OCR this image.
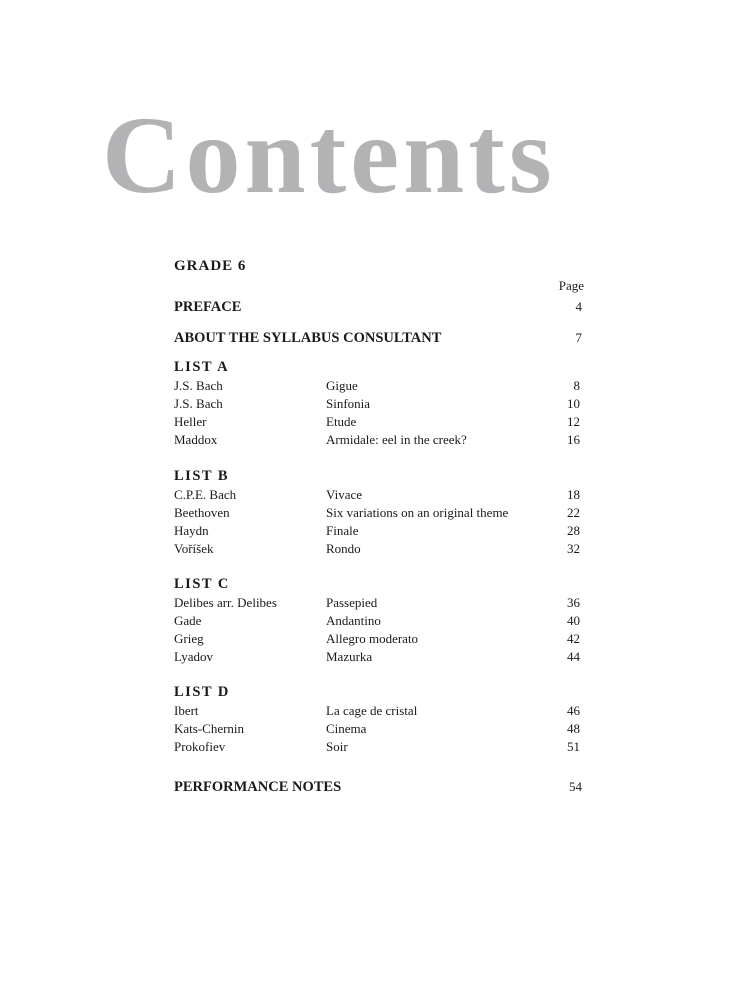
Contents
GRADE 6
Page
PREFACE	4
ABOUT THE SYLLABUS CONSULTANT	7
LIST A
J.S. Bach	Gigue	8
J.S. Bach	Sinfonia	10
Heller	Etude	12
Maddox	Armidale: eel in the creek?	16
LIST B
C.P.E. Bach	Vivace	18
Beethoven	Six variations on an original theme	22
Haydn	Finale	28
Voříšek	Rondo	32
LIST C
Delibes arr. Delibes	Passepied	36
Gade	Andantino	40
Grieg	Allegro moderato	42
Lyadov	Mazurka	44
LIST D
Ibert	La cage de cristal	46
Kats-Chernin	Cinema	48
Prokofiev	Soir	51
PERFORMANCE NOTES	54
